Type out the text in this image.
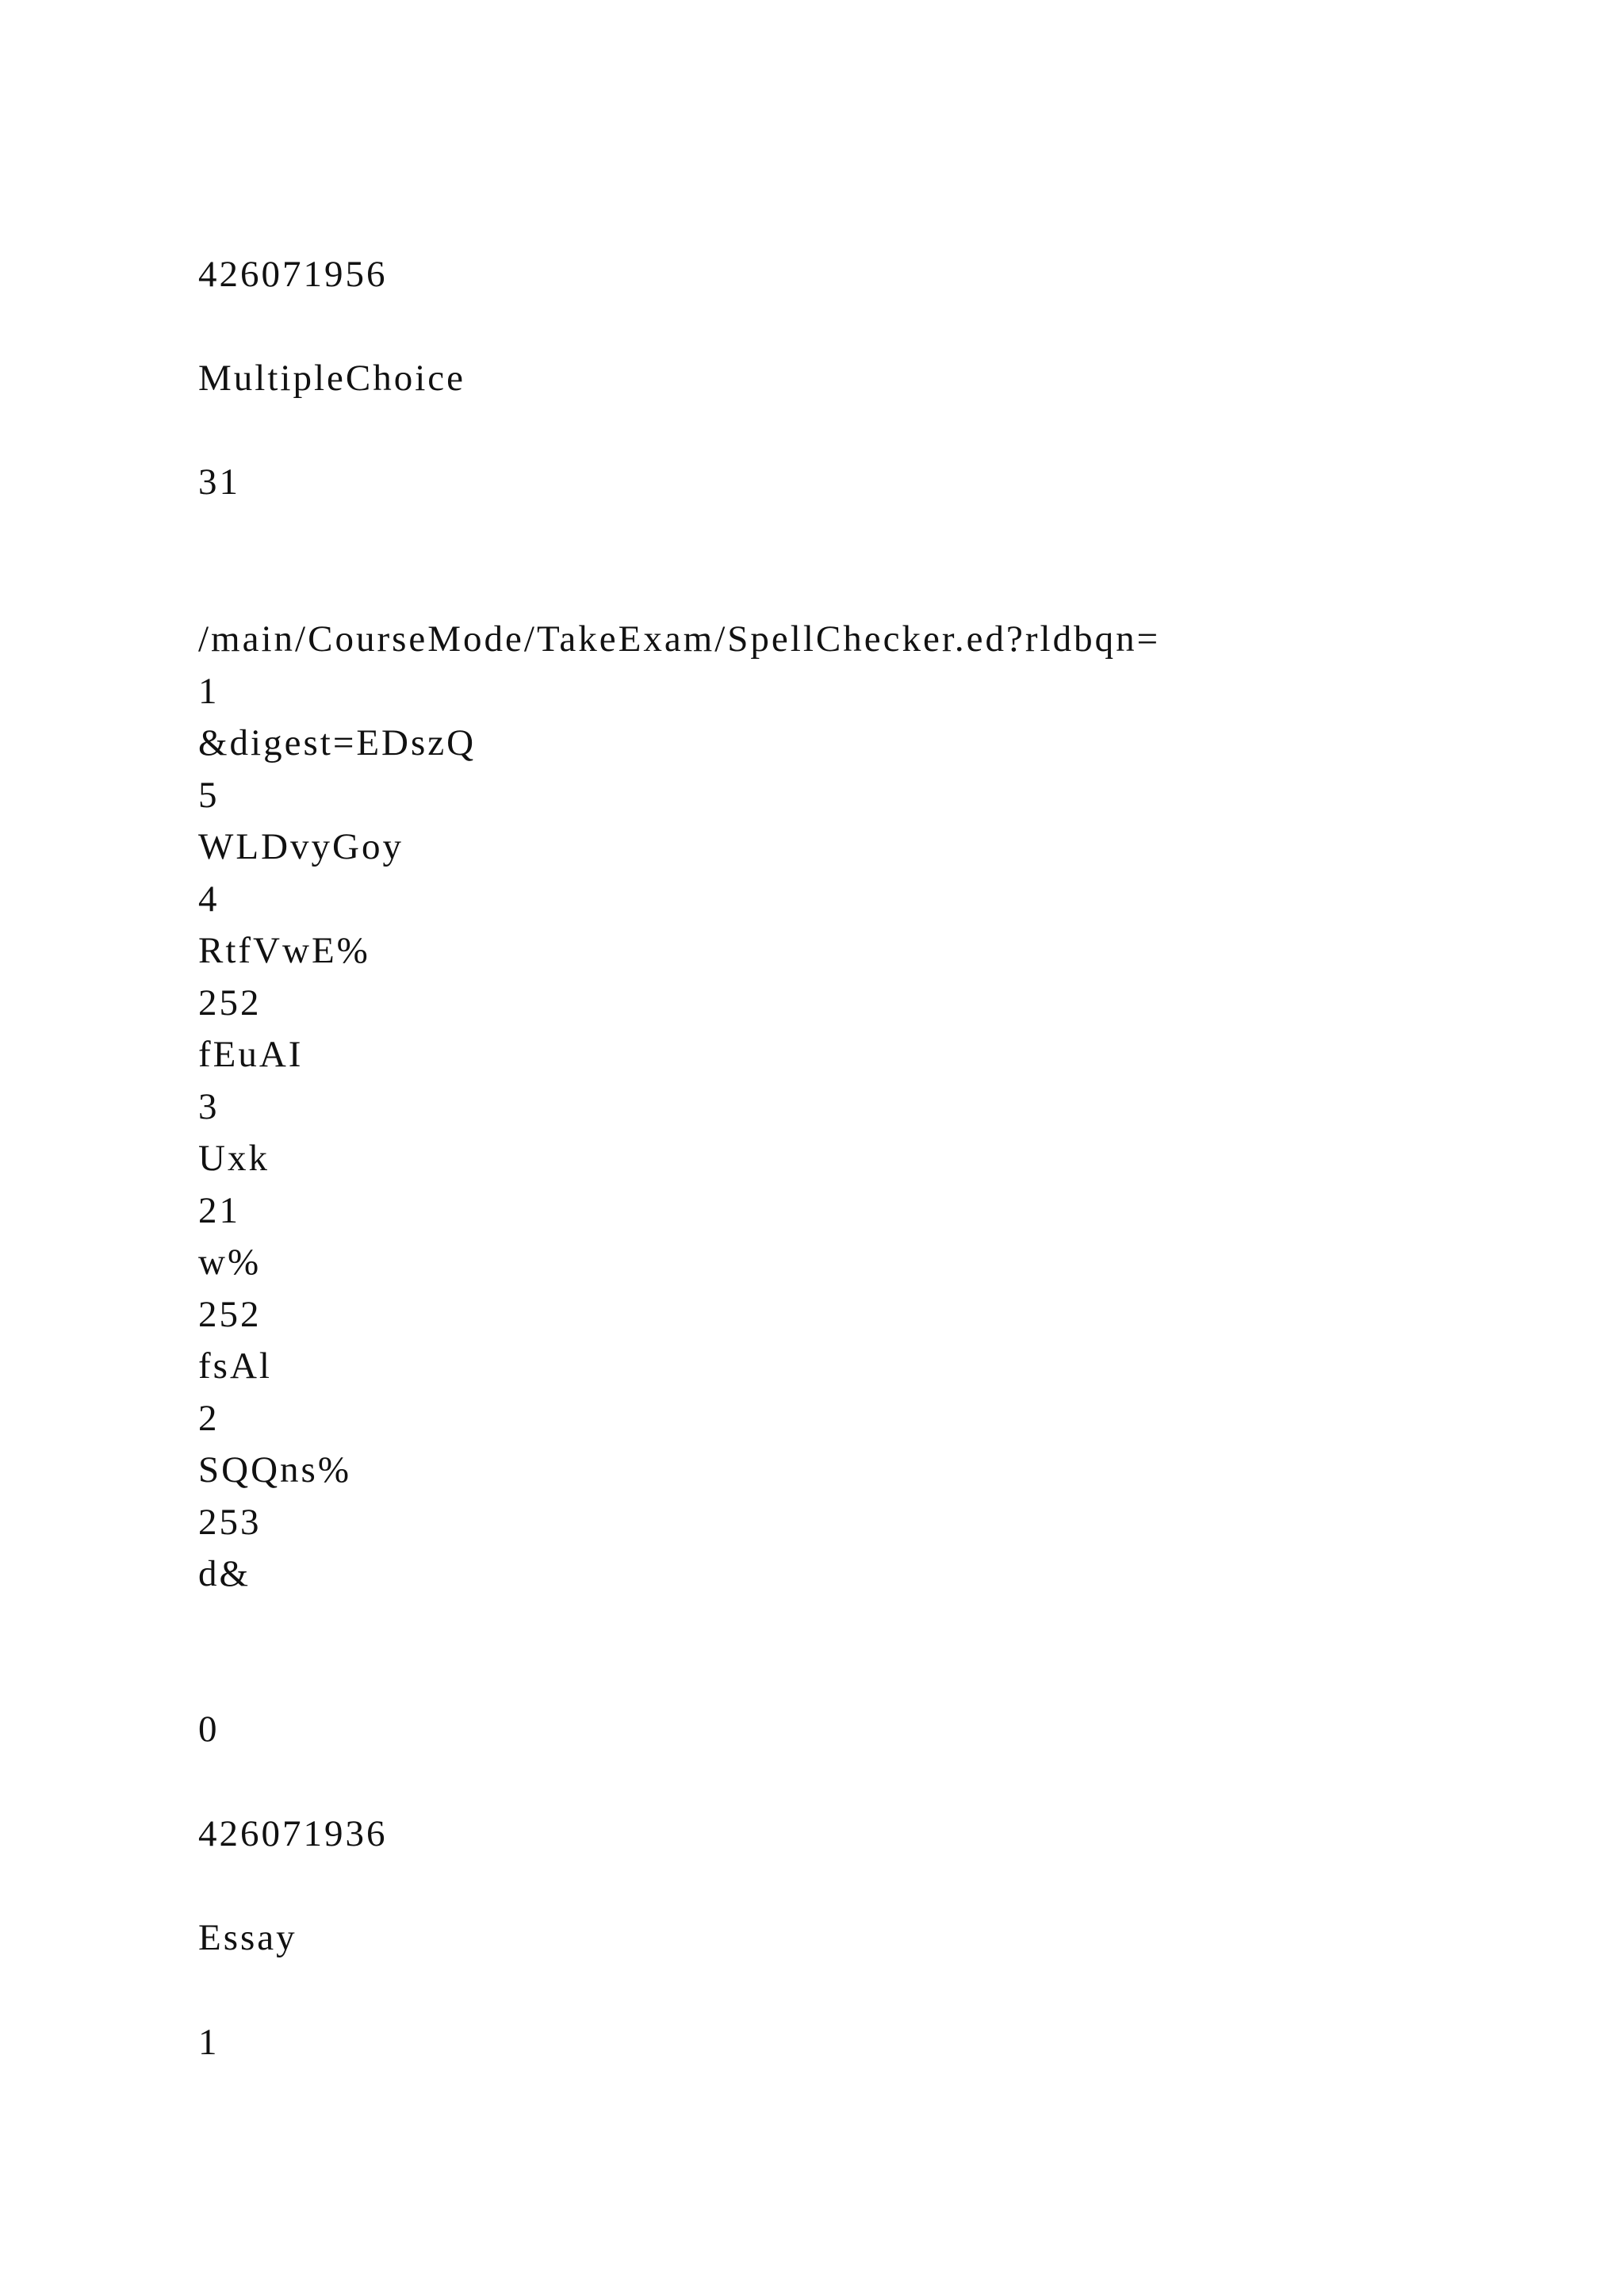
426071956
MultipleChoice
31
/main/CourseMode/TakeExam/SpellChecker.ed?rldbqn=
1
&digest=EDszQ
5
WLDvyGoy
4
RtfVwE%
252
fEuAI
3
Uxk
21
w%
252
fsAl
2
SQQns%
253
d&
0
426071936
Essay
1
